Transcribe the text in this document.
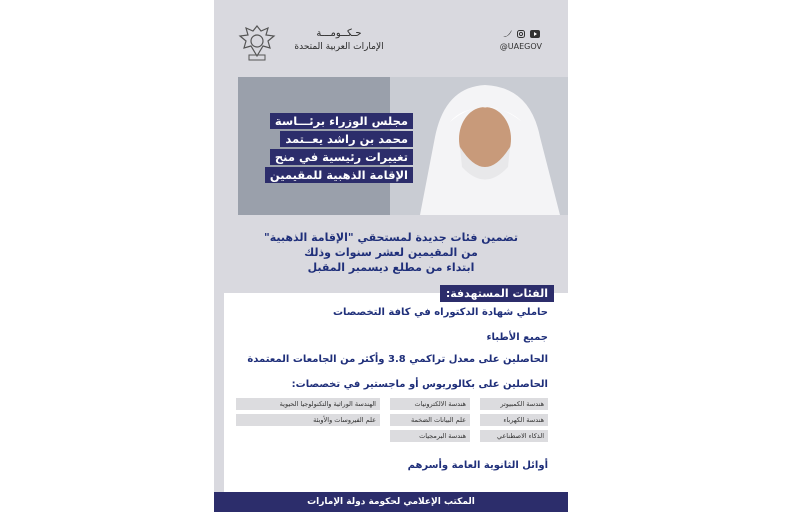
حـكــومـــة
الإمارات العربية المتحدة	@UAEGOV
مجلس الوزراء برئـــاسة
محمد بن راشد يعــتمد
تغييرات رئيسية في منح
الإقامة الذهبية للمقيمين
تضمين فئات جديدة لمستحقي "الإقامة الذهبية"
من المقيمين لعشر سنوات وذلك
ابتداء من مطلع ديسمبر المقبل
الفئات المستهدفة:
حاملي شهادة الدكتوراه في كافة التخصصات
جميع الأطباء
الحاصلين على معدل تراكمي 3.8 وأكثر من الجامعات المعتمدة
الحاصلين على بكالوريوس أو ماجستير في تخصصات:
هندسة الكمبيوتر
هندسة الكهرباء
الذكاء الاصطناعي
هندسة الالكترونيات
علم البيانات الضخمة
هندسة البرمجيات
الهندسة الوراثية والتكنولوجيا الحيوية
علم الفيروسات والأوبئة
أوائل الثانوية العامة وأسرهم
المكتب الإعلامي لحكومة دولة الإمارات
